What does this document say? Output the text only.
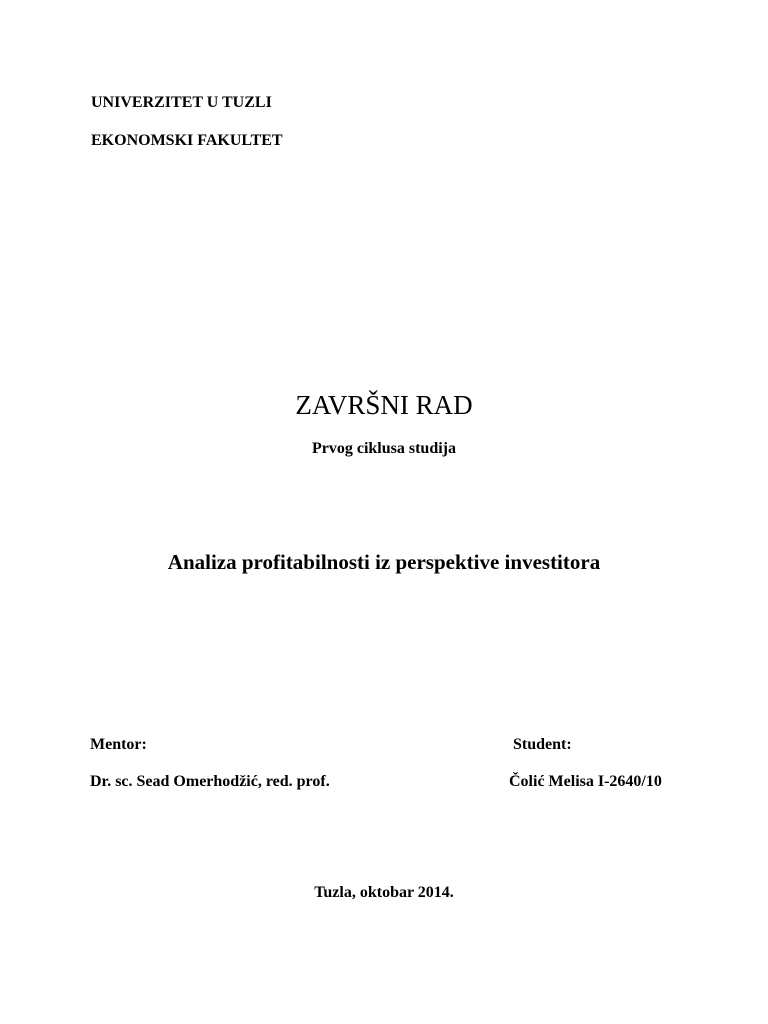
UNIVERZITET U TUZLI

EKONOMSKI FAKULTET

ZAVRŠNI RAD

Prvog ciklusa studija

Analiza profitabilnosti iz perspektive investitora

Mentor:	Student:

Dr. sc. Sead Omerhodžić, red. prof.	Čolić Melisa I-2640/10

Tuzla, oktobar 2014.
